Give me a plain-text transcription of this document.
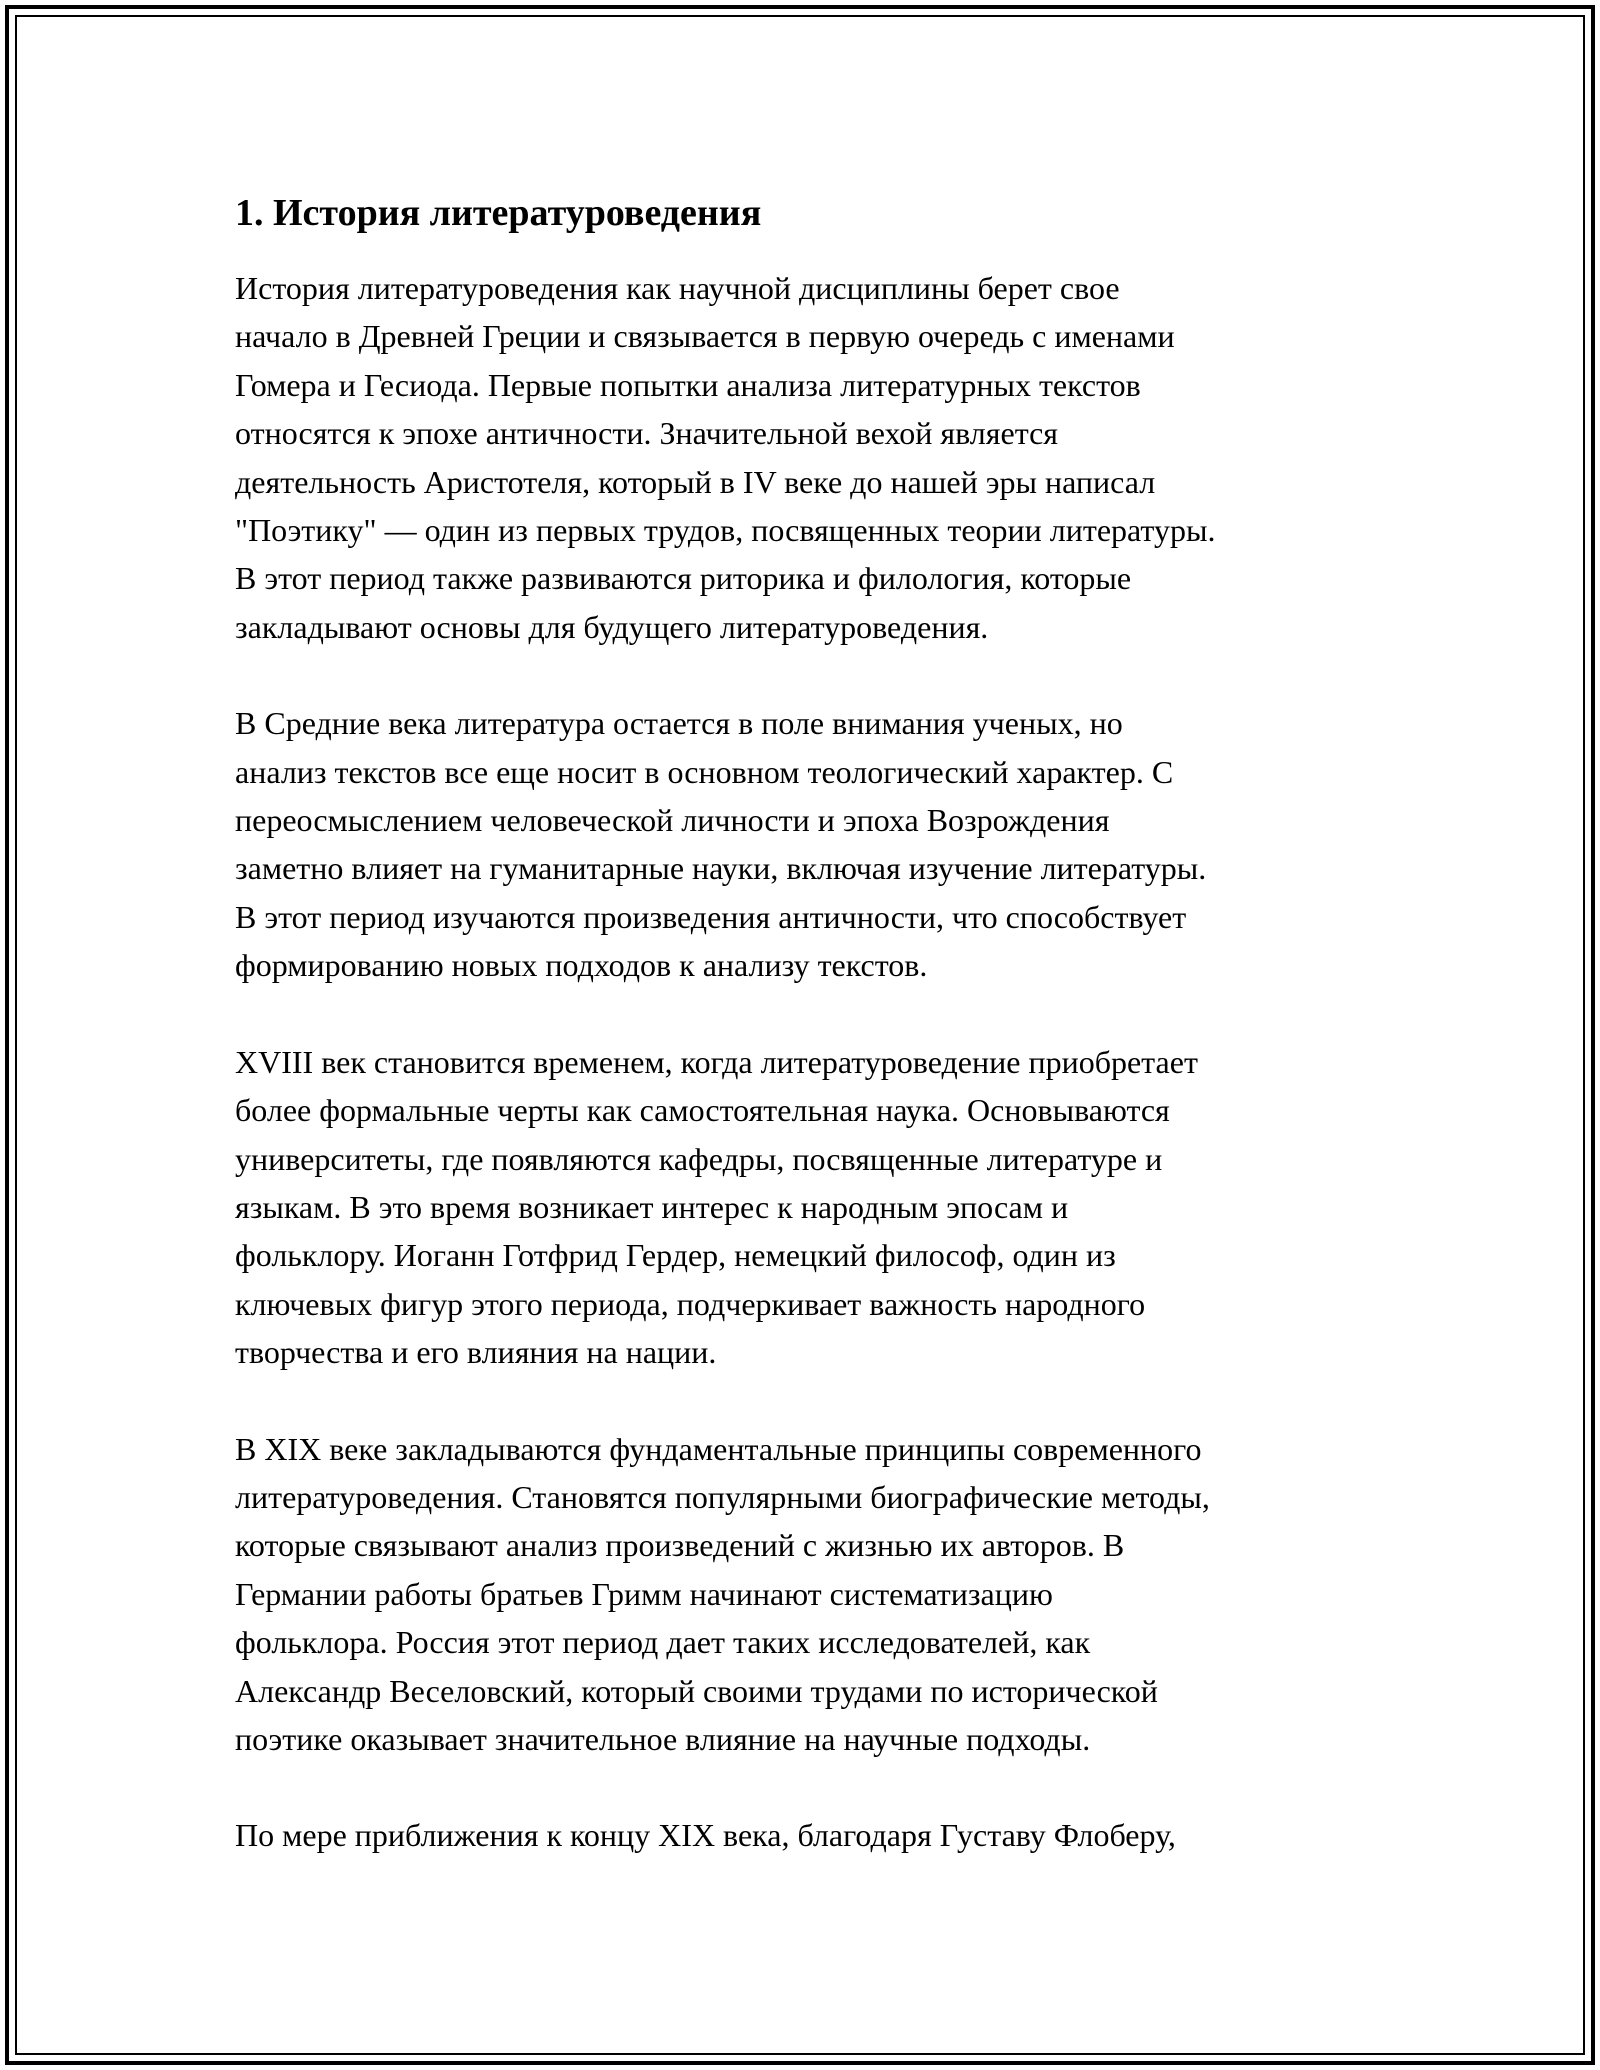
1. История литературоведения

История литературоведения как научной дисциплины берет свое
начало в Древней Греции и связывается в первую очередь с именами
Гомера и Гесиода. Первые попытки анализа литературных текстов
относятся к эпохе античности. Значительной вехой является
деятельность Аристотеля, который в IV веке до нашей эры написал
"Поэтику" — один из первых трудов, посвященных теории литературы.
В этот период также развиваются риторика и филология, которые
закладывают основы для будущего литературоведения.

В Средние века литература остается в поле внимания ученых, но
анализ текстов все еще носит в основном теологический характер. С
переосмыслением человеческой личности и эпоха Возрождения
заметно влияет на гуманитарные науки, включая изучение литературы.
В этот период изучаются произведения античности, что способствует
формированию новых подходов к анализу текстов.

XVIII век становится временем, когда литературоведение приобретает
более формальные черты как самостоятельная наука. Основываются
университеты, где появляются кафедры, посвященные литературе и
языкам. В это время возникает интерес к народным эпосам и
фольклору. Иоганн Готфрид Гердер, немецкий философ, один из
ключевых фигур этого периода, подчеркивает важность народного
творчества и его влияния на нации.

В XIX веке закладываются фундаментальные принципы современного
литературоведения. Становятся популярными биографические методы,
которые связывают анализ произведений с жизнью их авторов. В
Германии работы братьев Гримм начинают систематизацию
фольклора. Россия этот период дает таких исследователей, как
Александр Веселовский, который своими трудами по исторической
поэтике оказывает значительное влияние на научные подходы.

По мере приближения к концу XIX века, благодаря Густаву Флоберу,
